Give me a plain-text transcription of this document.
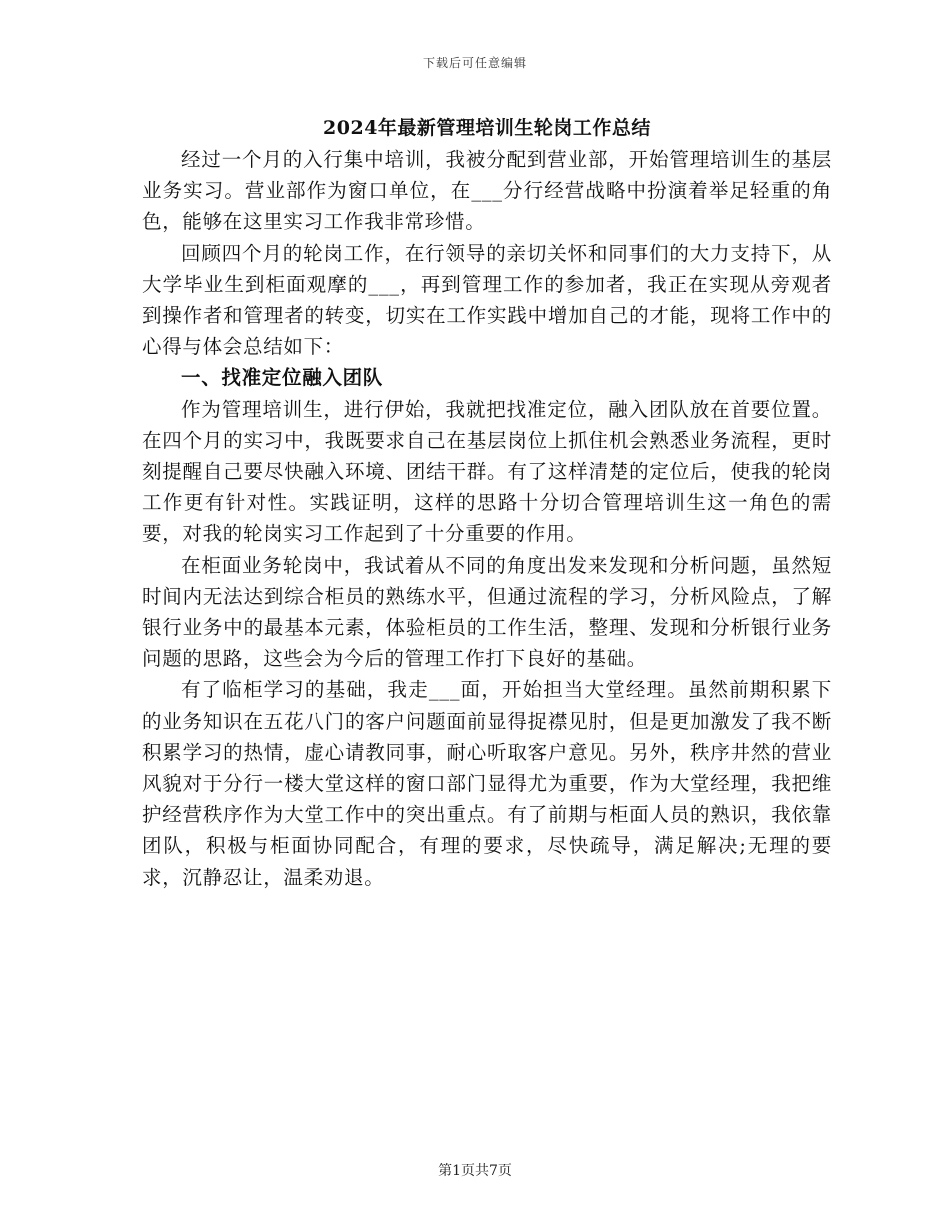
下载后可任意编辑
2024年最新管理培训生轮岗工作总结

经过一个月的入行集中培训，我被分配到营业部，开始管理培训生的基层业务实习。营业部作为窗口单位，在___分行经营战略中扮演着举足轻重的角色，能够在这里实习工作我非常珍惜。

回顾四个月的轮岗工作，在行领导的亲切关怀和同事们的大力支持下，从大学毕业生到柜面观摩的___，再到管理工作的参加者，我正在实现从旁观者到操作者和管理者的转变，切实在工作实践中增加自己的才能，现将工作中的心得与体会总结如下：

一、找准定位融入团队

作为管理培训生，进行伊始，我就把找准定位，融入团队放在首要位置。在四个月的实习中，我既要求自己在基层岗位上抓住机会熟悉业务流程，更时刻提醒自己要尽快融入环境、团结干群。有了这样清楚的定位后，使我的轮岗工作更有针对性。实践证明，这样的思路十分切合管理培训生这一角色的需要，对我的轮岗实习工作起到了十分重要的作用。

在柜面业务轮岗中，我试着从不同的角度出发来发现和分析问题，虽然短时间内无法达到综合柜员的熟练水平，但通过流程的学习，分析风险点，了解银行业务中的最基本元素，体验柜员的工作生活，整理、发现和分析银行业务问题的思路，这些会为今后的管理工作打下良好的基础。

有了临柜学习的基础，我走___面，开始担当大堂经理。虽然前期积累下的业务知识在五花八门的客户问题面前显得捉襟见肘，但是更加激发了我不断积累学习的热情，虚心请教同事，耐心听取客户意见。另外，秩序井然的营业风貌对于分行一楼大堂这样的窗口部门显得尤为重要，作为大堂经理，我把维护经营秩序作为大堂工作中的突出重点。有了前期与柜面人员的熟识，我依靠团队，积极与柜面协同配合，有理的要求，尽快疏导，满足解决;无理的要求，沉静忍让，温柔劝退。

第1页共7页
